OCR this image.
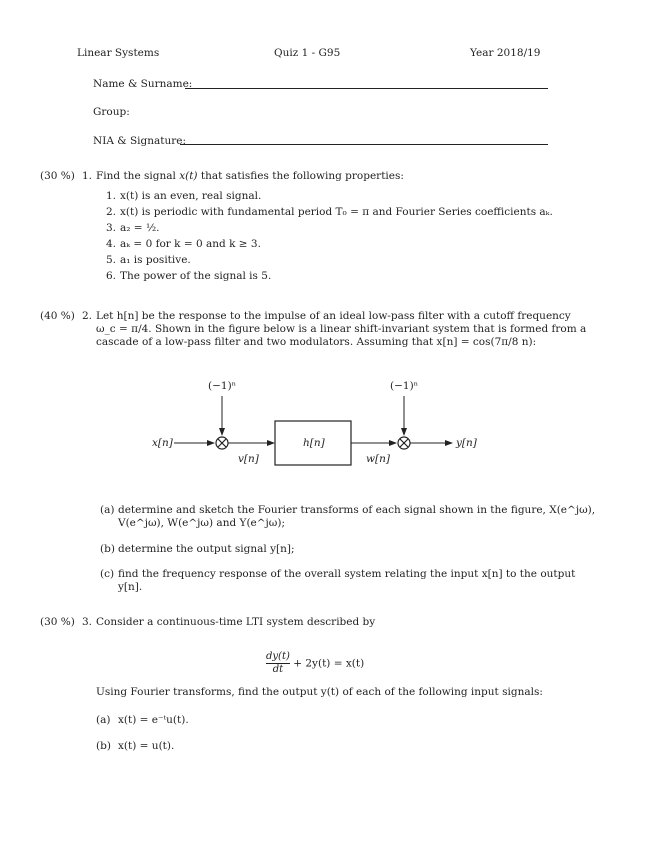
Linear Systems	Quiz 1 - G95	Year 2018/19
Name & Surname:
Group:
NIA & Signature:
(30 %) 1. Find the signal x(t) that satisfies the following properties:
1. x(t) is an even, real signal.
2. x(t) is periodic with fundamental period T₀ = π and Fourier Series coefficients aₖ.
3. a₂ = ½.
4. aₖ = 0 for k = 0 and k ≥ 3.
5. a₁ is positive.
6. The power of the signal is 5.
(40 %) 2. Let h[n] be the response to the impulse of an ideal low-pass filter with a cutoff frequency
ω_c = π/4. Shown in the figure below is a linear shift-invariant system that is formed from a
cascade of a low-pass filter and two modulators. Assuming that x[n] = cos(7π/8 n):
x[n]
(−1)ⁿ	(−1)ⁿ
h[n]
v[n]	w[n]
y[n]
(a) determine and sketch the Fourier transforms of each signal shown in the figure, X(e^jω),
V(e^jω), W(e^jω) and Y(e^jω);
(b) determine the output signal y[n];
(c) find the frequency response of the overall system relating the input x[n] to the output
y[n].
(30 %) 3. Consider a continuous-time LTI system described by
$\frac{dy(t)}{dt} + 2y(t) = x(t)$
Using Fourier transforms, find the output y(t) of each of the following input signals:
(a) x(t) = e⁻ᵗu(t).
(b) x(t) = u(t).
